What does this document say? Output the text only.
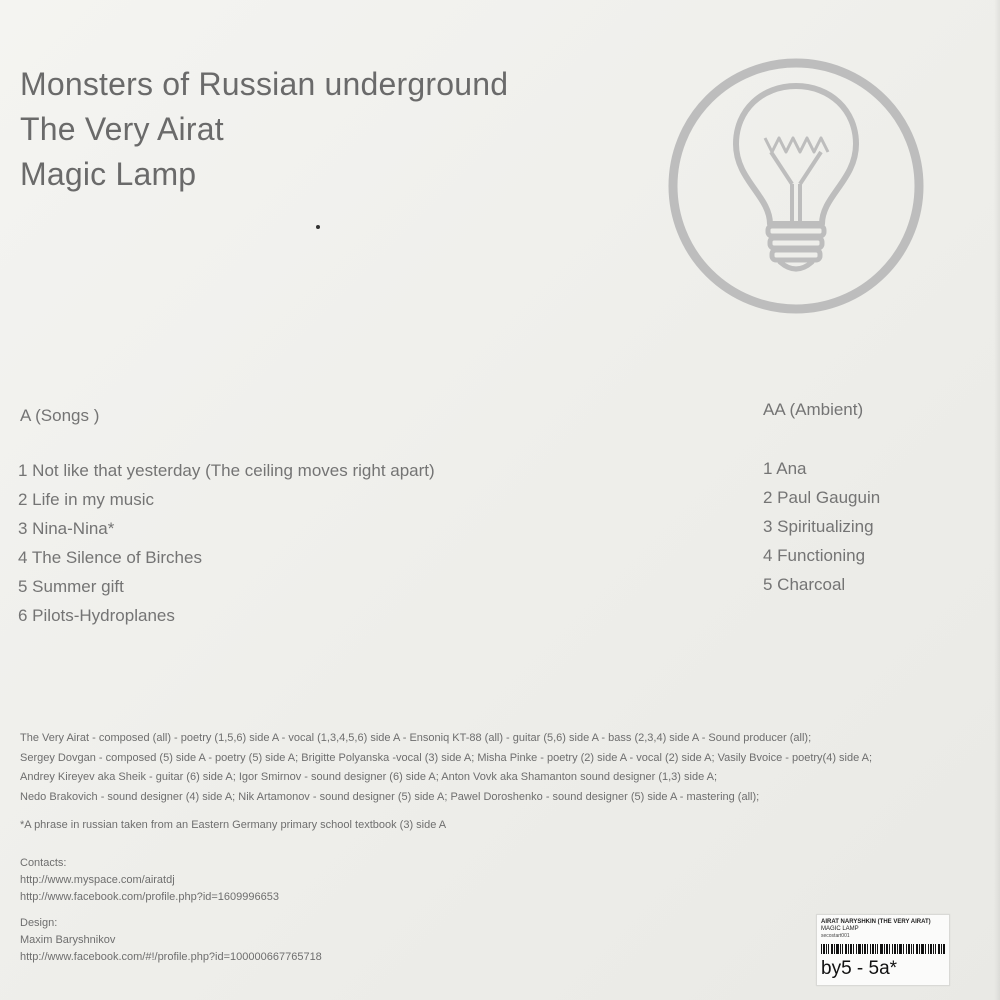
Monsters of Russian underground
The Very Airat
Magic Lamp
A (Songs )
1 Not like that yesterday (The ceiling moves right apart)
2 Life in my music
3 Nina-Nina*
4 The Silence of Birches
5 Summer gift
6 Pilots-Hydroplanes
AA (Ambient)
1 Ana
2 Paul Gauguin
3 Spiritualizing
4 Functioning
5 Charcoal

The Very Airat - composed (all) - poetry (1,5,6) side A - vocal (1,3,4,5,6) side A - Ensoniq KT-88 (all) - guitar (5,6) side A - bass (2,3,4) side A - Sound producer (all);

Sergey Dovgan - composed (5) side A - poetry (5) side A; Brigitte Polyanska -vocal (3) side A; Misha Pinke - poetry (2) side A - vocal (2) side A; Vasily Bvoice - poetry(4) side A;

Andrey Kireyev aka Sheik - guitar (6) side A; Igor Smirnov - sound designer (6) side A; Anton Vovk aka Shamanton sound designer (1,3) side A;

Nedo Brakovich - sound designer (4) side A; Nik Artamonov - sound designer (5) side A; Pawel Doroshenko - sound designer (5) side A - mastering (all);

*A phrase in russian taken from an Eastern Germany primary school textbook (3) side A
Contacts:
http://www.myspace.com/airatdj
http://www.facebook.com/profile.php?id=1609996653
Design:
Maxim Baryshnikov
http://www.facebook.com/#!/profile.php?id=100000667765718
AIRAT NARYSHKIN (THE VERY AIRAT)
MAGIC LAMP
secostart001
by5 - 5a*
